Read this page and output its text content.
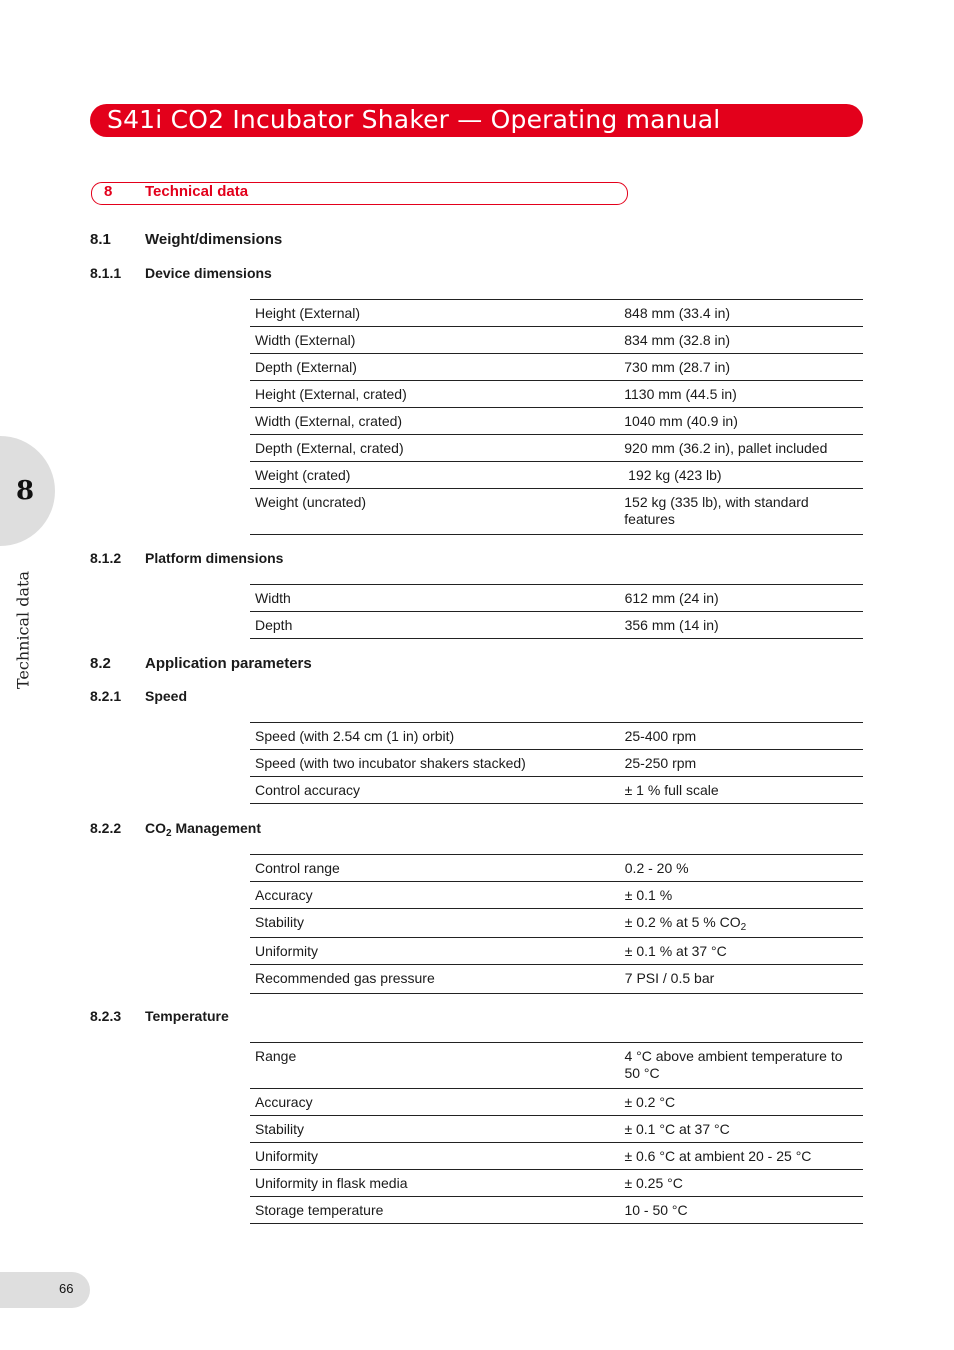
S41i CO2 Incubator Shaker — Operating manual
8 Technical data
8
Technical data
8.1 Weight/dimensions
8.1.1 Device dimensions
Height (External)	848 mm (33.4 in)
Width (External)	834 mm (32.8 in)
Depth (External)	730 mm (28.7 in)
Height (External, crated)	1130 mm (44.5 in)
Width (External, crated)	1040 mm (40.9 in)
Depth (External, crated)	920 mm (36.2 in), pallet included
Weight (crated)	192 kg (423 lb)
Weight (uncrated)	152 kg (335 lb), with standard features
8.1.2 Platform dimensions
Width	612 mm (24 in)
Depth	356 mm (14 in)
8.2 Application parameters
8.2.1 Speed
Speed (with 2.54 cm (1 in) orbit)	25-400 rpm
Speed (with two incubator shakers stacked)	25-250 rpm
Control accuracy	± 1 % full scale
8.2.2 $CO_2$ Management
Control range	0.2 - 20 %
Accuracy	± 0.1 %
Stability	± 0.2 % at 5 % $CO_2$
Uniformity	± 0.1 % at 37 °C
Recommended gas pressure	7 PSI / 0.5 bar
8.2.3 Temperature
Range	4 °C above ambient temperature to 50 °C
Accuracy	± 0.2 °C
Stability	± 0.1 °C at 37 °C
Uniformity	± 0.6 °C at ambient 20 - 25 °C
Uniformity in flask media	± 0.25 °C
Storage temperature	10 - 50 °C
66
